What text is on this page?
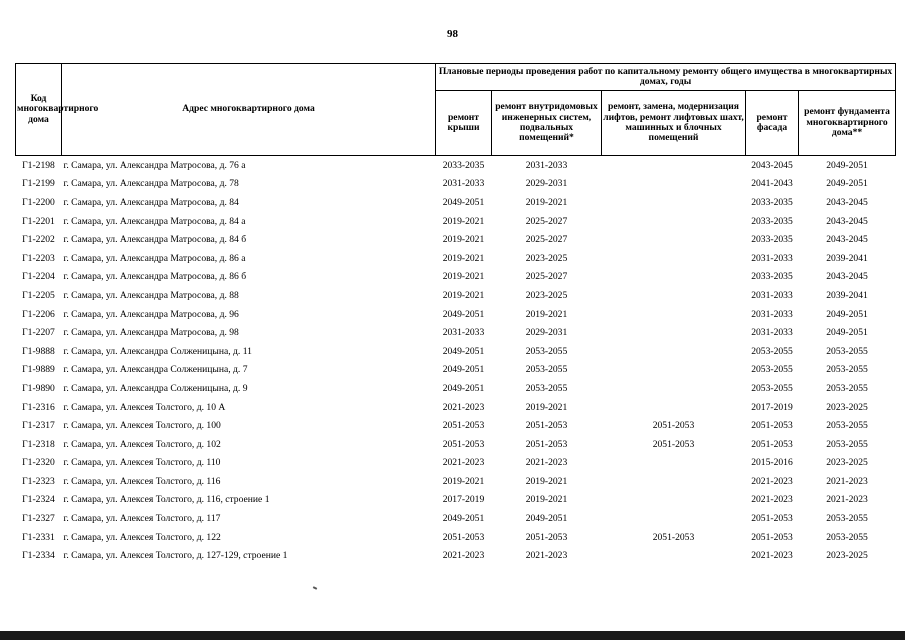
98
Код многоквартирного дома	Адрес многоквартирного дома	Плановые периоды проведения работ по капитальному ремонту общего имущества в многоквартирных домах, годы				
		ремонт крыши	ремонт внутридомовых инженерных систем, подвальных помещений*	ремонт, замена, модернизация лифтов, ремонт лифтовых шахт, машинных и блочных помещений	ремонт фасада	ремонт фундамента многоквартирного дома**
Г1-2198	г. Самара, ул. Александра Матросова, д. 76 а	2033-2035	2031-2033		2043-2045	2049-2051
Г1-2199	г. Самара, ул. Александра Матросова, д. 78	2031-2033	2029-2031		2041-2043	2049-2051
Г1-2200	г. Самара, ул. Александра Матросова, д. 84	2049-2051	2019-2021		2033-2035	2043-2045
Г1-2201	г. Самара, ул. Александра Матросова, д. 84 а	2019-2021	2025-2027		2033-2035	2043-2045
Г1-2202	г. Самара, ул. Александра Матросова, д. 84 б	2019-2021	2025-2027		2033-2035	2043-2045
Г1-2203	г. Самара, ул. Александра Матросова, д. 86 а	2019-2021	2023-2025		2031-2033	2039-2041
Г1-2204	г. Самара, ул. Александра Матросова, д. 86 б	2019-2021	2025-2027		2033-2035	2043-2045
Г1-2205	г. Самара, ул. Александра Матросова, д. 88	2019-2021	2023-2025		2031-2033	2039-2041
Г1-2206	г. Самара, ул. Александра Матросова, д. 96	2049-2051	2019-2021		2031-2033	2049-2051
Г1-2207	г. Самара, ул. Александра Матросова, д. 98	2031-2033	2029-2031		2031-2033	2049-2051
Г1-9888	г. Самара, ул. Александра Солженицына, д. 11	2049-2051	2053-2055		2053-2055	2053-2055
Г1-9889	г. Самара, ул. Александра Солженицына, д. 7	2049-2051	2053-2055		2053-2055	2053-2055
Г1-9890	г. Самара, ул. Александра Солженицына, д. 9	2049-2051	2053-2055		2053-2055	2053-2055
Г1-2316	г. Самара, ул. Алексея Толстого, д. 10 А	2021-2023	2019-2021		2017-2019	2023-2025
Г1-2317	г. Самара, ул. Алексея Толстого, д. 100	2051-2053	2051-2053	2051-2053	2051-2053	2053-2055
Г1-2318	г. Самара, ул. Алексея Толстого, д. 102	2051-2053	2051-2053	2051-2053	2051-2053	2053-2055
Г1-2320	г. Самара, ул. Алексея Толстого, д. 110	2021-2023	2021-2023		2015-2016	2023-2025
Г1-2323	г. Самара, ул. Алексея Толстого, д. 116	2019-2021	2019-2021		2021-2023	2021-2023
Г1-2324	г. Самара, ул. Алексея Толстого, д. 116, строение 1	2017-2019	2019-2021		2021-2023	2021-2023
Г1-2327	г. Самара, ул. Алексея Толстого, д. 117	2049-2051	2049-2051		2051-2053	2053-2055
Г1-2331	г. Самара, ул. Алексея Толстого, д. 122	2051-2053	2051-2053	2051-2053	2051-2053	2053-2055
Г1-2334	г. Самара, ул. Алексея Толстого, д. 127-129, строение 1	2021-2023	2021-2023		2021-2023	2023-2025
